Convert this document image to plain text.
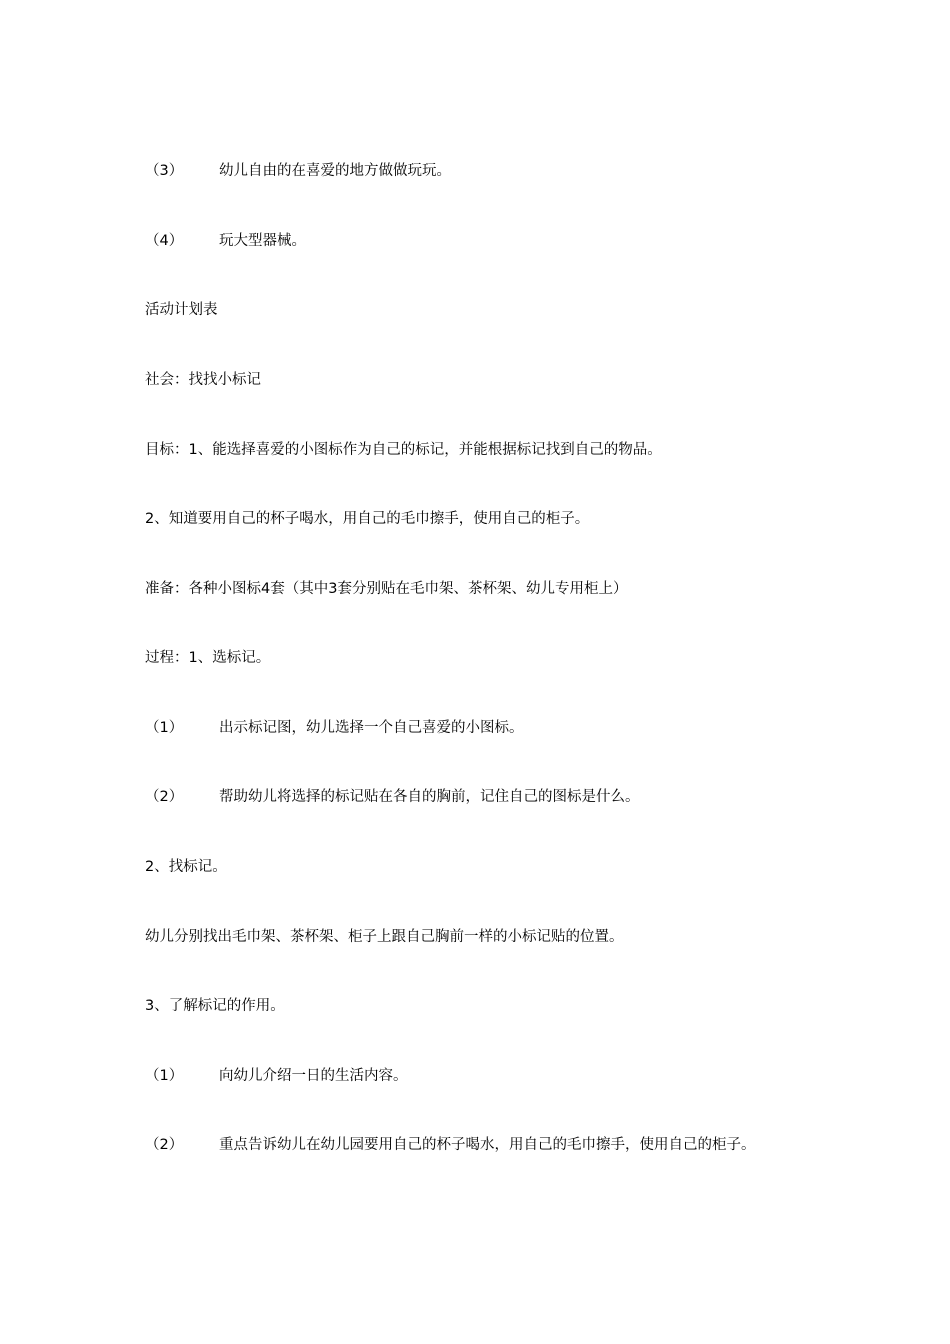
（3） 幼儿自由的在喜爱的地方做做玩玩。
（4） 玩大型器械。
活动计划表
社会：找找小标记
目标：1、能选择喜爱的小图标作为自己的标记，并能根据标记找到自己的物品。
2、知道要用自己的杯子喝水，用自己的毛巾擦手，使用自己的柜子。
准备：各种小图标4套（其中3套分别贴在毛巾架、茶杯架、幼儿专用柜上）
过程：1、选标记。
（1） 出示标记图，幼儿选择一个自己喜爱的小图标。
（2） 帮助幼儿将选择的标记贴在各自的胸前，记住自己的图标是什么。
2、找标记。
幼儿分别找出毛巾架、茶杯架、柜子上跟自己胸前一样的小标记贴的位置。
3、了解标记的作用。
（1） 向幼儿介绍一日的生活内容。
（2） 重点告诉幼儿在幼儿园要用自己的杯子喝水，用自己的毛巾擦手，使用自己的柜子。
